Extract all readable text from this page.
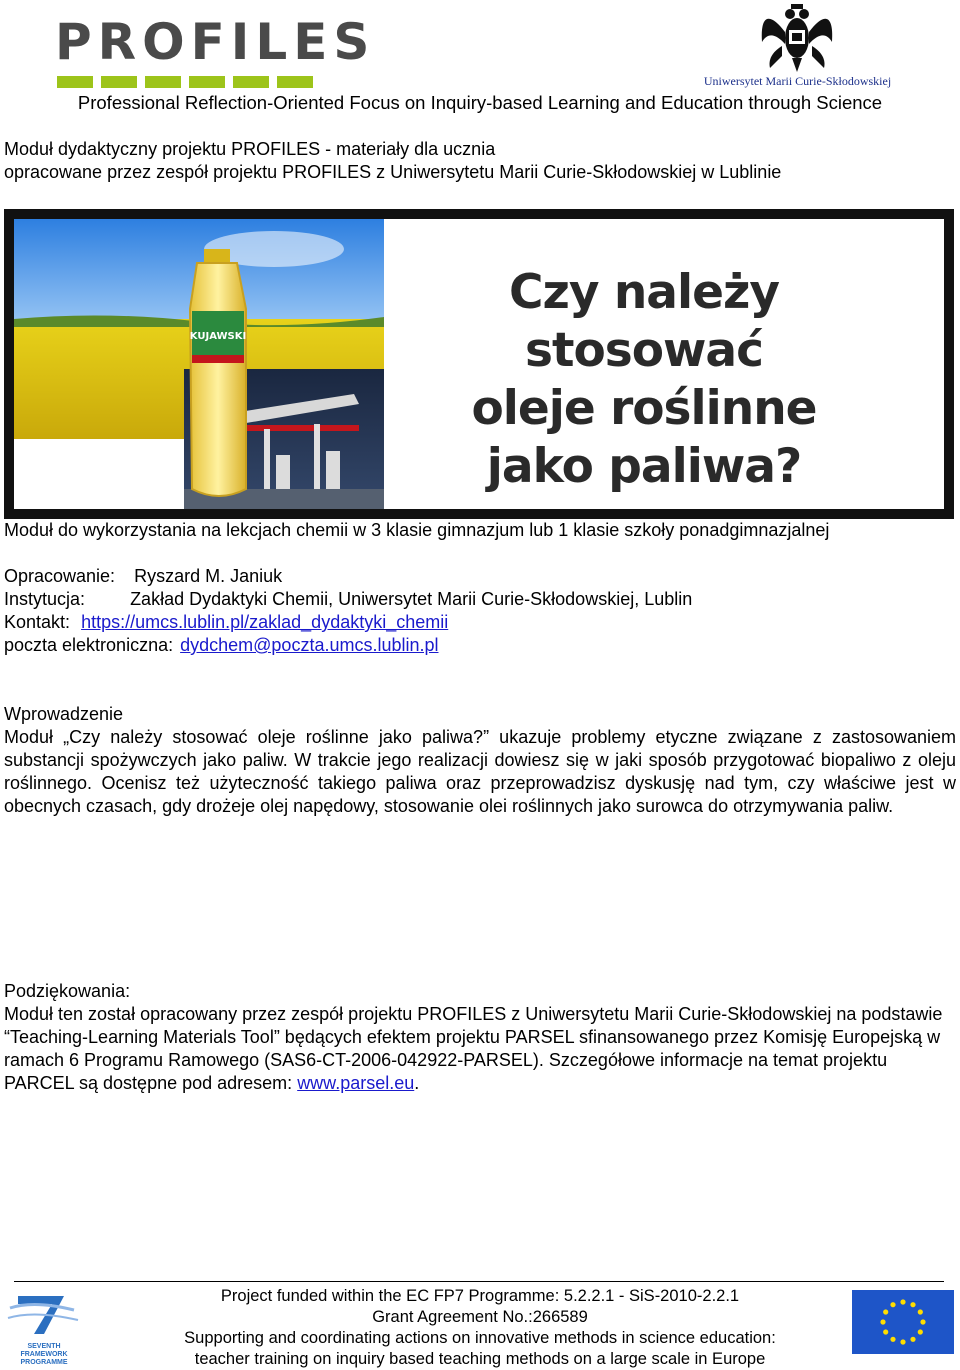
PROFILES
Uniwersytet Marii Curie-Skłodowskiej
Professional Reflection-Oriented Focus on Inquiry-based Learning and Education through Science
Moduł dydaktyczny projektu PROFILES - materiały dla ucznia
opracowane przez zespół projektu PROFILES z Uniwersytetu Marii Curie-Skłodowskiej w Lublinie
KUJAWSKI
Czy należy stosować
oleje roślinne
jako paliwa?
Moduł do wykorzystania na lekcjach chemii w 3 klasie gimnazjum lub 1 klasie szkoły ponadgimnazjalnej
Opracowanie: Ryszard M. Janiuk
Instytucja:	Zakład Dydaktyki Chemii, Uniwersytet Marii Curie-Skłodowskiej, Lublin
Kontakt: https://umcs.lublin.pl/zaklad_dydaktyki_chemii
poczta elektroniczna: dydchem@poczta.umcs.lublin.pl
Wprowadzenie
Moduł „Czy należy stosować oleje roślinne jako paliwa?” ukazuje problemy etyczne związane z zastosowaniem substancji spożywczych jako paliw. W trakcie jego realizacji dowiesz się w jaki sposób przygotować biopaliwo z oleju roślinnego. Ocenisz też użyteczność takiego paliwa oraz przeprowadzisz dyskusję nad tym, czy właściwe jest w obecnych czasach, gdy drożeje olej napędowy, stosowanie olei roślinnych jako surowca do otrzymywania paliw.
Podziękowania:
Moduł ten został opracowany przez zespół projektu PROFILES z Uniwersytetu Marii Curie-Skłodowskiej na podstawie “Teaching-Learning Materials Tool” będących efektem projektu PARSEL sfinansowanego przez Komisję Europejską w ramach 6 Programu Ramowego (SAS6-CT-2006-042922-PARSEL). Szczegółowe informacje na temat projektu PARCEL są dostępne pod adresem: www.parsel.eu.
SEVENTH FRAMEWORK PROGRAMME
Project funded within the EC FP7 Programme: 5.2.2.1 - SiS-2010-2.2.1
Grant Agreement No.:266589
Supporting and coordinating actions on innovative methods in science education:
teacher training on inquiry based teaching methods on a large scale in Europe
